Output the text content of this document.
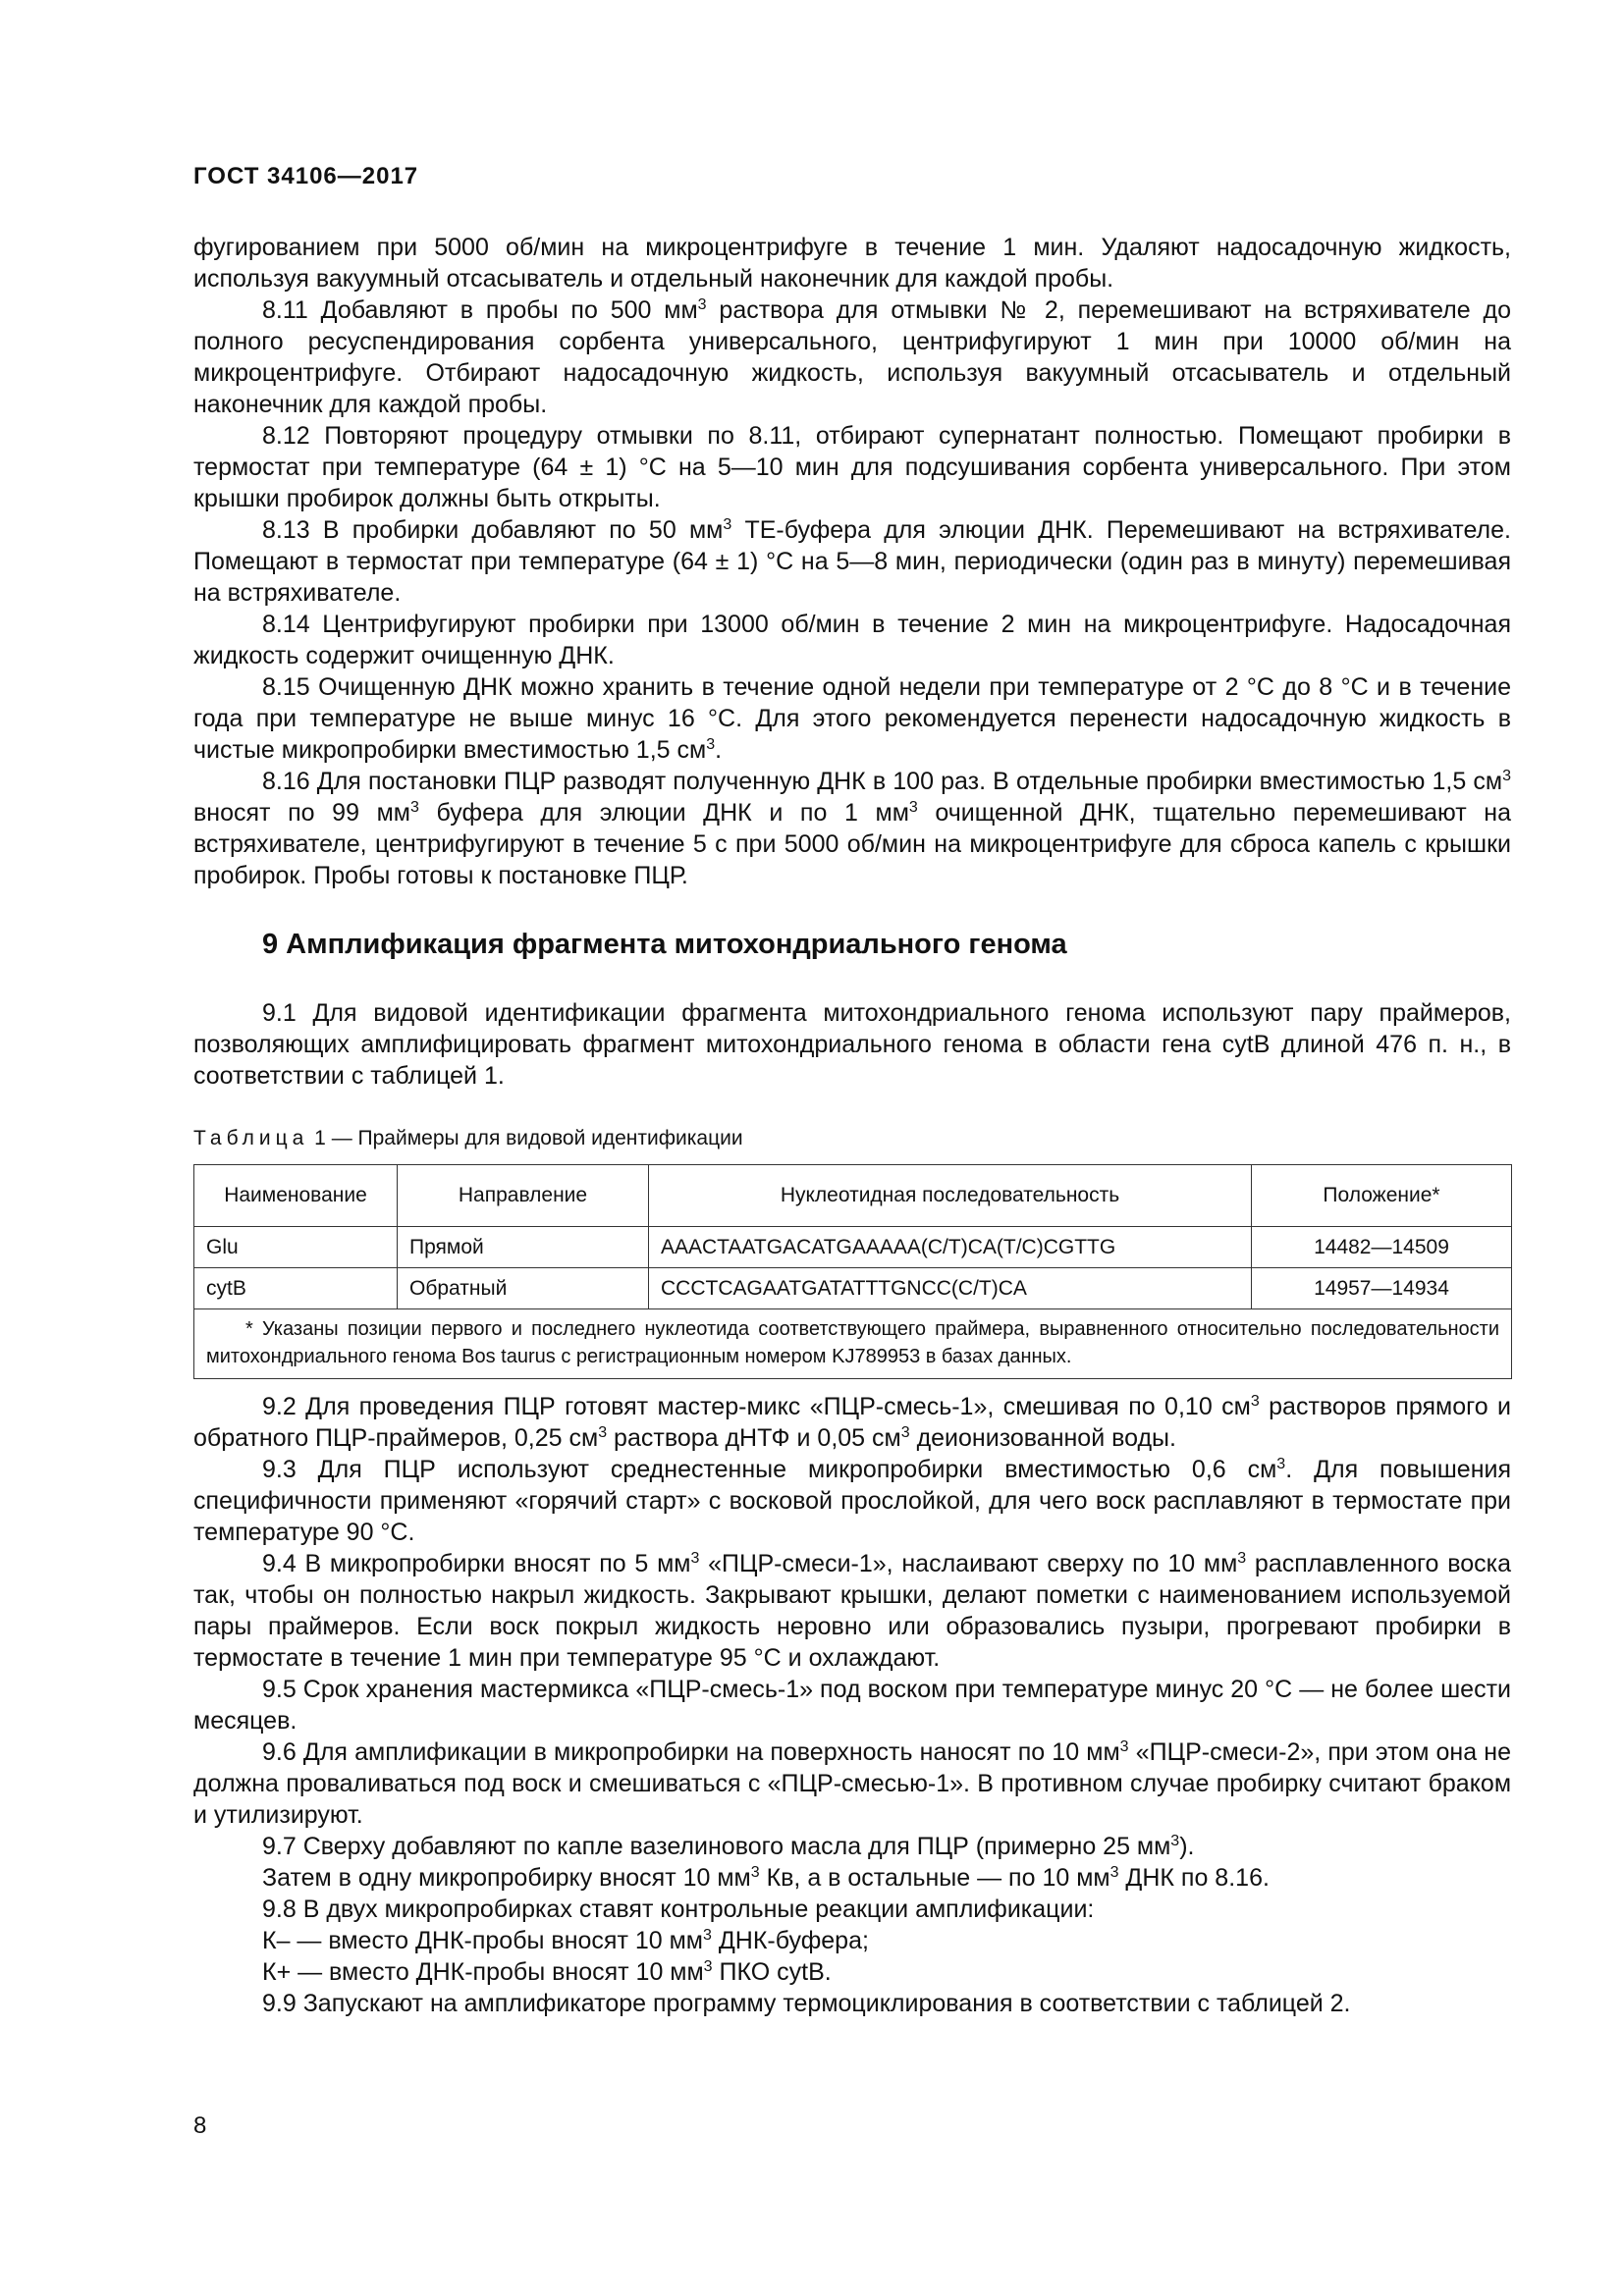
ГОСТ 34106—2017

фугированием при 5000 об/мин на микроцентрифуге в течение 1 мин. Удаляют надосадочную жидкость, используя вакуумный отсасыватель и отдельный наконечник для каждой пробы.

8.11 Добавляют в пробы по 500 $мм^3$ раствора для отмывки № 2, перемешивают на встряхивателе до полного ресуспендирования сорбента универсального, центрифугируют 1 мин при 10000 об/мин на микроцентрифуге. Отбирают надосадочную жидкость, используя вакуумный отсасыватель и отдельный наконечник для каждой пробы.

8.12 Повторяют процедуру отмывки по 8.11, отбирают супернатант полностью. Помещают пробирки в термостат при температуре (64 ± 1) °С на 5—10 мин для подсушивания сорбента универсального. При этом крышки пробирок должны быть открыты.

8.13 В пробирки добавляют по 50 $мм^3$ ТЕ-буфера для элюции ДНК. Перемешивают на встряхивателе. Помещают в термостат при температуре (64 ± 1) °С на 5—8 мин, периодически (один раз в минуту) перемешивая на встряхивателе.

8.14 Центрифугируют пробирки при 13000 об/мин в течение 2 мин на микроцентрифуге. Надосадочная жидкость содержит очищенную ДНК.

8.15 Очищенную ДНК можно хранить в течение одной недели при температуре от 2 °С до 8 °С и в течение года при температуре не выше минус 16 °С. Для этого рекомендуется перенести надосадочную жидкость в чистые микропробирки вместимостью 1,5 $см^3$.

8.16 Для постановки ПЦР разводят полученную ДНК в 100 раз. В отдельные пробирки вместимостью 1,5 $см^3$ вносят по 99 $мм^3$ буфера для элюции ДНК и по 1 $мм^3$ очищенной ДНК, тщательно перемешивают на встряхивателе, центрифугируют в течение 5 с при 5000 об/мин на микроцентрифуге для сброса капель с крышки пробирок. Пробы готовы к постановке ПЦР.

9 Амплификация фрагмента митохондриального генома

9.1 Для видовой идентификации фрагмента митохондриального генома используют пару праймеров, позволяющих амплифицировать фрагмент митохондриального генома в области гена cytB длиной 476 п. н., в соответствии с таблицей 1.

Таблица 1 — Праймеры для видовой идентификации
Наименование	Направление	Нуклеотидная последовательность	Положение*
Glu	Прямой	AAACTAATGACATGAAAAA(C/T)CA(T/C)CGTTG	14482—14509
cytB	Обратный	CCCTCAGAATGATATTTGNCC(C/T)CA	14957—14934
* Указаны позиции первого и последнего нуклеотида соответствующего праймера, выравненного относительно последовательности митохондриального генома Bos taurus с регистрационным номером KJ789953 в базах данных.			

9.2 Для проведения ПЦР готовят мастер-микс «ПЦР-смесь-1», смешивая по 0,10 $см^3$ растворов прямого и обратного ПЦР-праймеров, 0,25 $см^3$ раствора дНТФ и 0,05 $см^3$ деионизованной воды.

9.3 Для ПЦР используют среднестенные микропробирки вместимостью 0,6 $см^3$. Для повышения специфичности применяют «горячий старт» с восковой прослойкой, для чего воск расплавляют в термостате при температуре 90 °С.

9.4 В микропробирки вносят по 5 $мм^3$ «ПЦР-смеси-1», наслаивают сверху по 10 $мм^3$ расплавленного воска так, чтобы он полностью накрыл жидкость. Закрывают крышки, делают пометки с наименованием используемой пары праймеров. Если воск покрыл жидкость неровно или образовались пузыри, прогревают пробирки в термостате в течение 1 мин при температуре 95 °С и охлаждают.

9.5 Срок хранения мастермикса «ПЦР-смесь-1» под воском при температуре минус 20 °С — не более шести месяцев.

9.6 Для амплификации в микропробирки на поверхность наносят по 10 $мм^3$ «ПЦР-смеси-2», при этом она не должна проваливаться под воск и смешиваться с «ПЦР-смесью-1». В противном случае пробирку считают браком и утилизируют.

9.7 Сверху добавляют по капле вазелинового масла для ПЦР (примерно 25 $мм^3$).

Затем в одну микропробирку вносят 10 $мм^3$ Кв, а в остальные — по 10 $мм^3$ ДНК по 8.16.

9.8 В двух микропробирках ставят контрольные реакции амплификации:

К– — вместо ДНК-пробы вносят 10 $мм^3$ ДНК-буфера;

К+ — вместо ДНК-пробы вносят 10 $мм^3$ ПКО cytB.

9.9 Запускают на амплификаторе программу термоциклирования в соответствии с таблицей 2.

8
